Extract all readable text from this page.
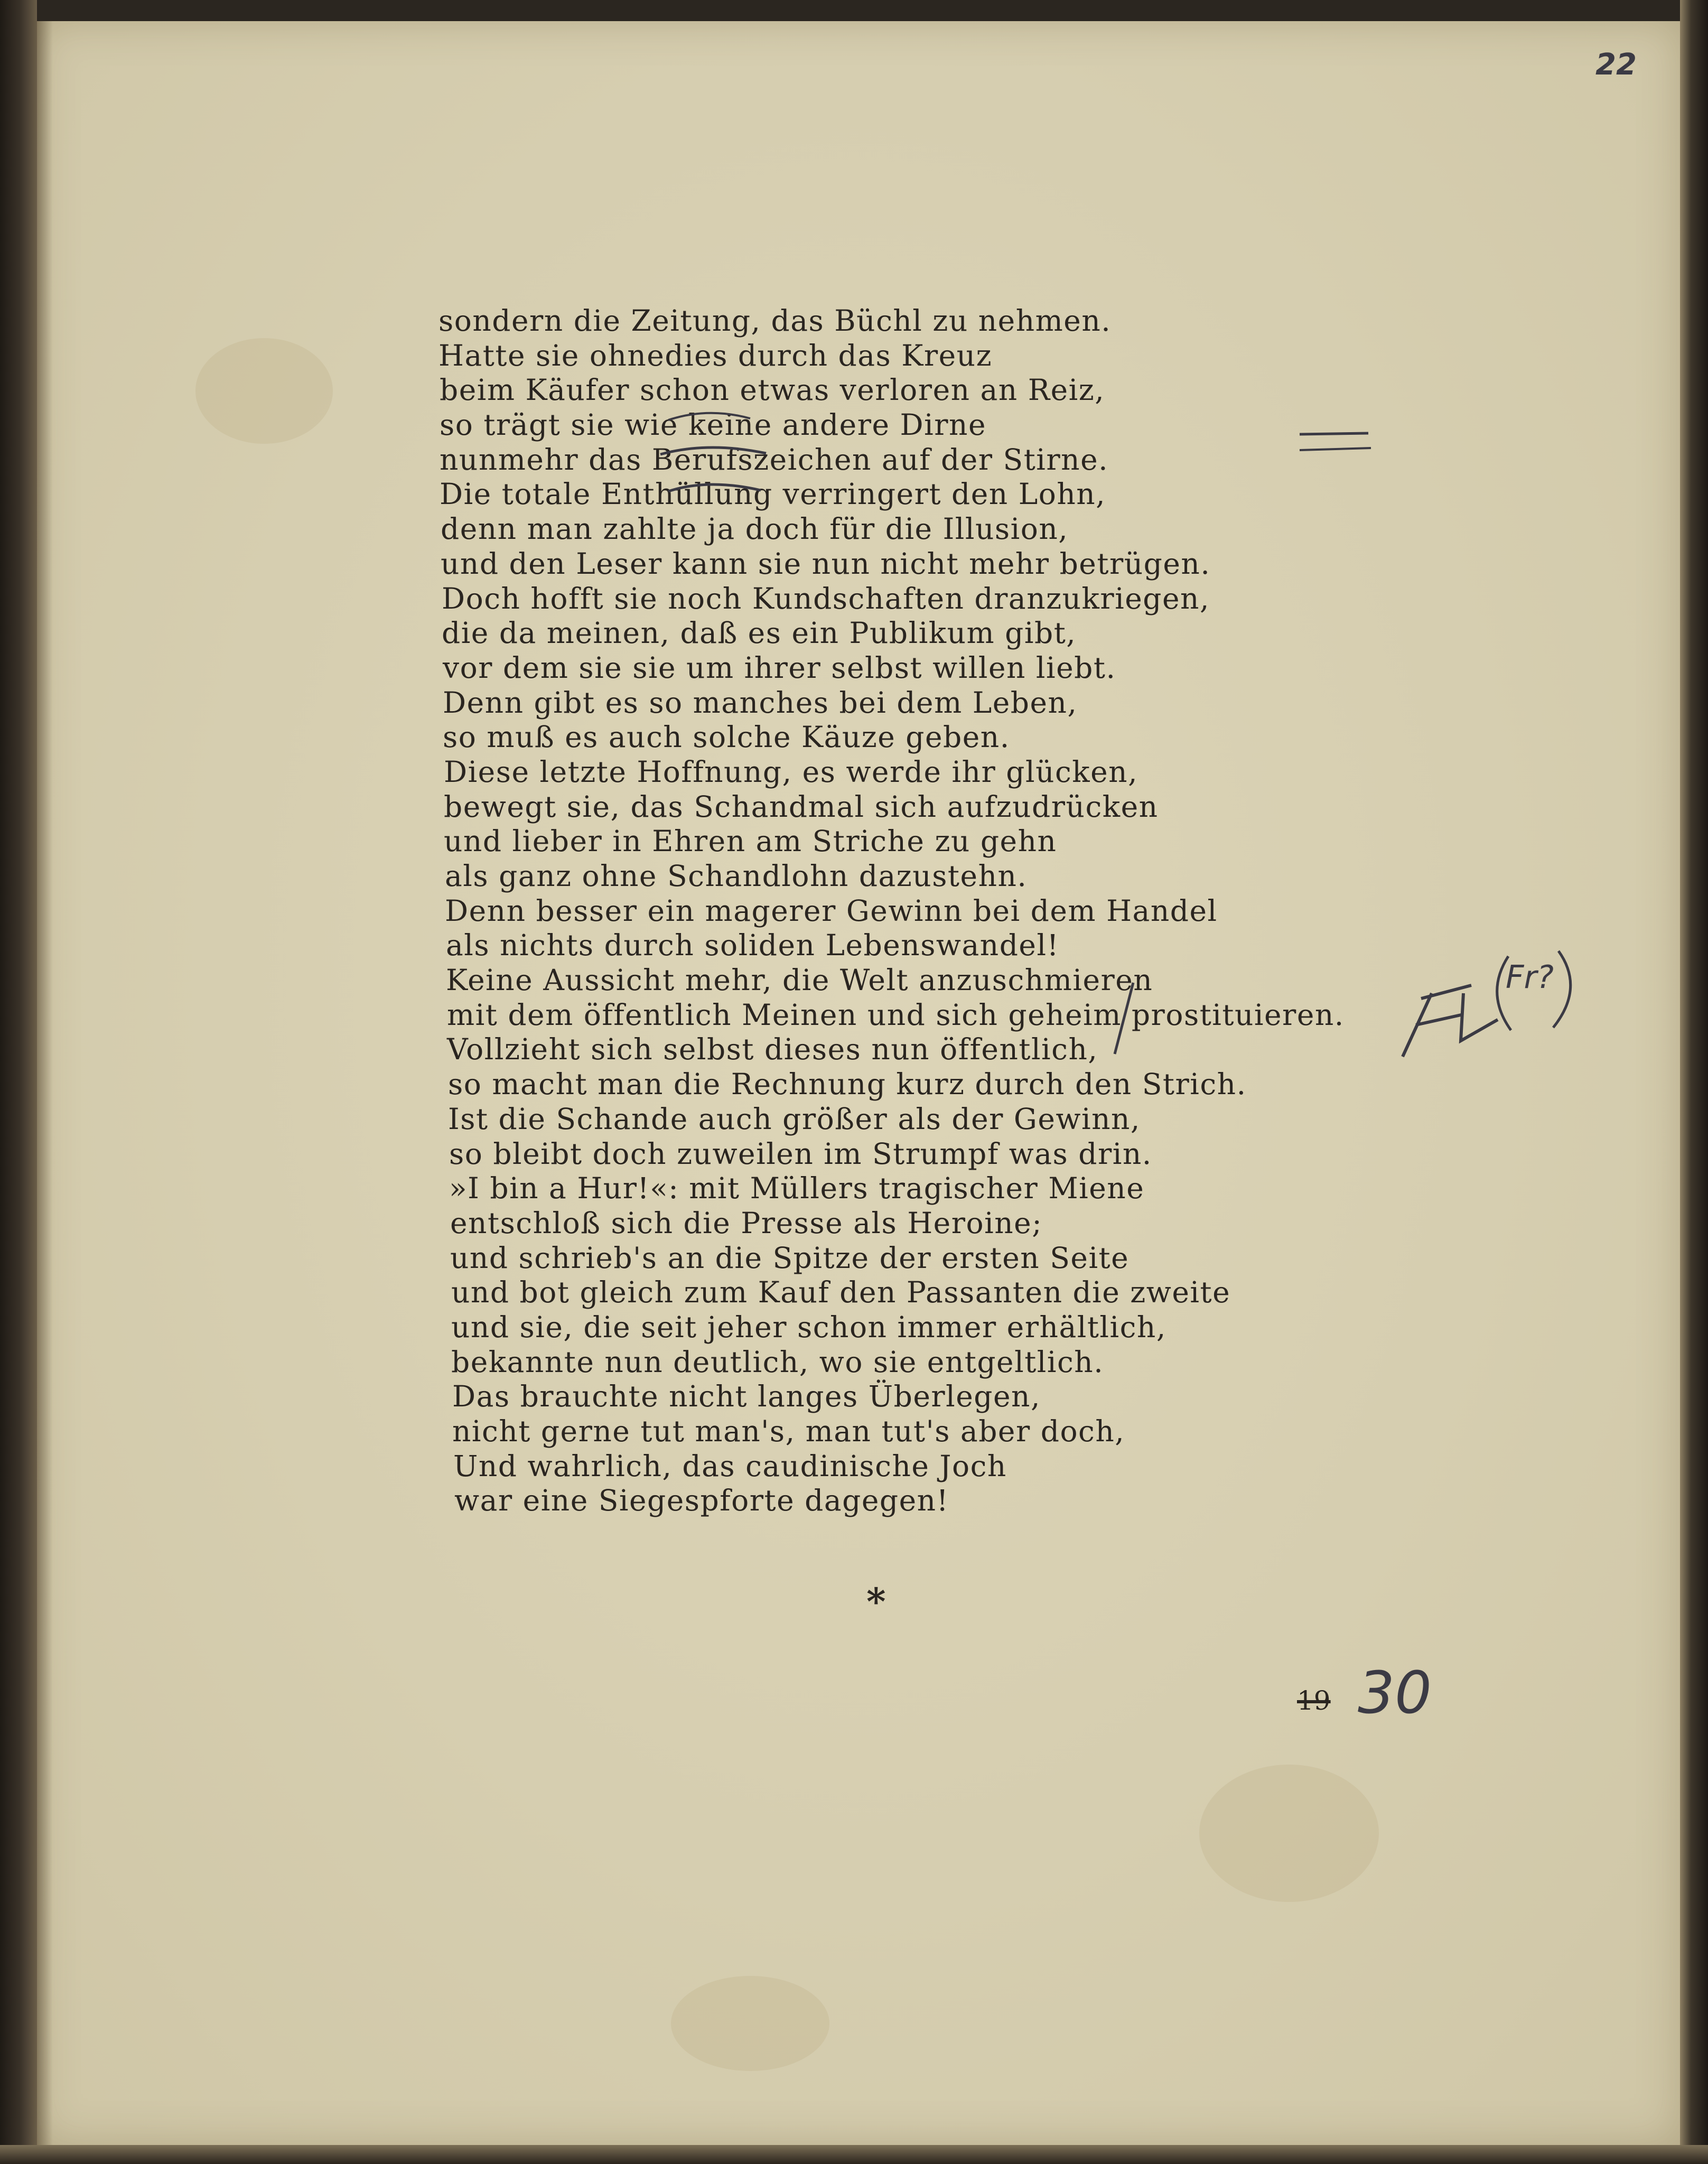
22
sondern die Zeitung, das Büchl zu nehmen.
Hatte sie ohnedies durch das Kreuz
beim Käufer schon etwas verloren an Reiz,
so trägt sie wie keine andere Dirne
nunmehr das Berufszeichen auf der Stirne.
Die totale Enthüllung verringert den Lohn,
denn man zahlte ja doch für die Illusion,
und den Leser kann sie nun nicht mehr betrügen.
Doch hofft sie noch Kundschaften dranzukriegen,
die da meinen, daß es ein Publikum gibt,
vor dem sie sie um ihrer selbst willen liebt.
Denn gibt es so manches bei dem Leben,
so muß es auch solche Käuze geben.
Diese letzte Hoffnung, es werde ihr glücken,
bewegt sie, das Schandmal sich aufzudrücken
und lieber in Ehren am Striche zu gehn
als ganz ohne Schandlohn dazustehn.
Denn besser ein magerer Gewinn bei dem Handel
als nichts durch soliden Lebenswandel!
Keine Aussicht mehr, die Welt anzuschmieren
mit dem öffentlich Meinen und sich geheim prostituieren.
Vollzieht sich selbst dieses nun öffentlich,
so macht man die Rechnung kurz durch den Strich.
Ist die Schande auch größer als der Gewinn,
so bleibt doch zuweilen im Strumpf was drin.
»I bin a Hur!«: mit Müllers tragischer Miene
entschloß sich die Presse als Heroine;
und schrieb's an die Spitze der ersten Seite
und bot gleich zum Kauf den Passanten die zweite
und sie, die seit jeher schon immer erhältlich,
bekannte nun deutlich, wo sie entgeltlich.
Das brauchte nicht langes Überlegen,
nicht gerne tut man's, man tut's aber doch,
Und wahrlich, das caudinische Joch
war eine Siegespforte dagegen!
*
Fr?
19 30
